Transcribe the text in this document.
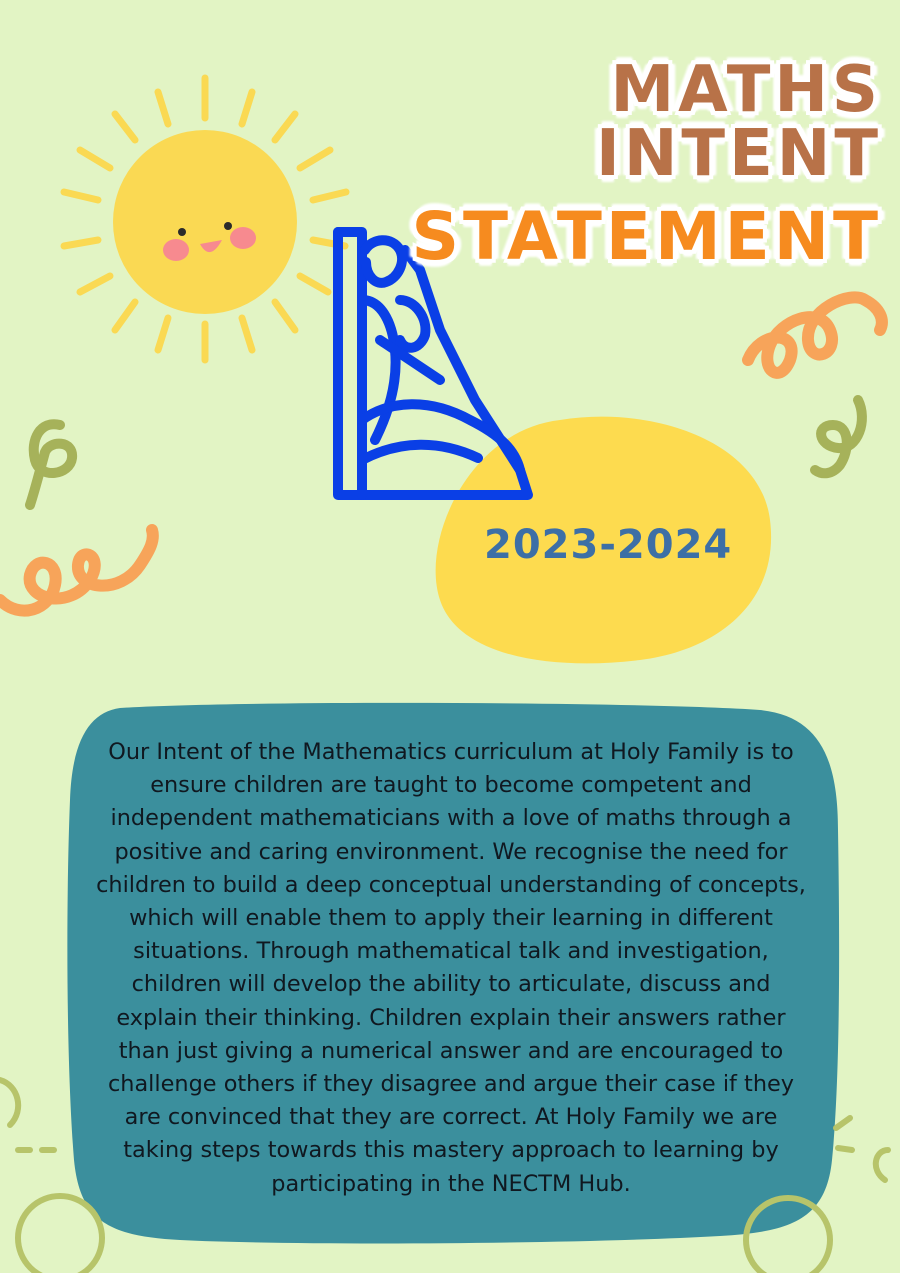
MATHS INTENT
STATEMENT
2023-2024
Our Intent of the Mathematics curriculum at Holy Family is to ensure children are taught to become competent and independent mathematicians with a love of maths through a positive and caring environment. We recognise the need for children to build a deep conceptual understanding of concepts, which will enable them to apply their learning in different situations. Through mathematical talk and investigation, children will develop the ability to articulate, discuss and explain their thinking. Children explain their answers rather than just giving a numerical answer and are encouraged to challenge others if they disagree and argue their case if they are convinced that they are correct. At Holy Family we are taking steps towards this mastery approach to learning by participating in the NECTM Hub.
